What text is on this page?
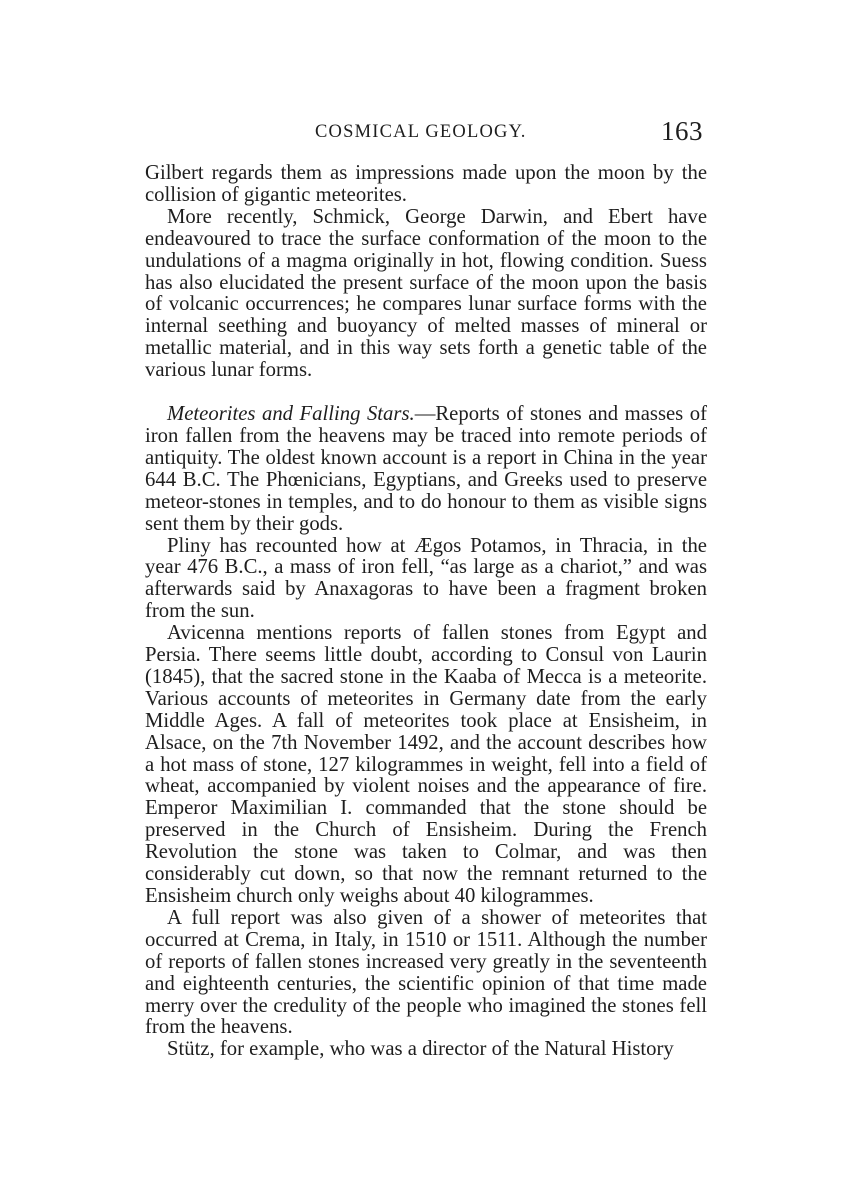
COSMICAL GEOLOGY.	163

Gilbert regards them as impressions made upon the moon by the collision of gigantic meteorites.

More recently, Schmick, George Darwin, and Ebert have endeavoured to trace the surface conformation of the moon to the undulations of a magma originally in hot, flowing condition. Suess has also elucidated the present surface of the moon upon the basis of volcanic occurrences; he compares lunar surface forms with the internal seething and buoyancy of melted masses of mineral or metallic material, and in this way sets forth a genetic table of the various lunar forms.

Meteorites and Falling Stars.—Reports of stones and masses of iron fallen from the heavens may be traced into remote periods of antiquity. The oldest known account is a report in China in the year 644 B.C. The Phœnicians, Egyptians, and Greeks used to preserve meteor-stones in temples, and to do honour to them as visible signs sent them by their gods.

Pliny has recounted how at Ægos Potamos, in Thracia, in the year 476 B.C., a mass of iron fell, “as large as a chariot,” and was afterwards said by Anaxagoras to have been a fragment broken from the sun.

Avicenna mentions reports of fallen stones from Egypt and Persia. There seems little doubt, according to Consul von Laurin (1845), that the sacred stone in the Kaaba of Mecca is a meteorite. Various accounts of meteorites in Germany date from the early Middle Ages. A fall of meteorites took place at Ensisheim, in Alsace, on the 7th November 1492, and the account describes how a hot mass of stone, 127 kilogrammes in weight, fell into a field of wheat, accompanied by violent noises and the appearance of fire. Emperor Maximilian I. commanded that the stone should be preserved in the Church of Ensisheim. During the French Revolution the stone was taken to Colmar, and was then considerably cut down, so that now the remnant returned to the Ensisheim church only weighs about 40 kilogrammes.

A full report was also given of a shower of meteorites that occurred at Crema, in Italy, in 1510 or 1511. Although the number of reports of fallen stones increased very greatly in the seventeenth and eighteenth centuries, the scientific opinion of that time made merry over the credulity of the people who imagined the stones fell from the heavens.

Stütz, for example, who was a director of the Natural History
